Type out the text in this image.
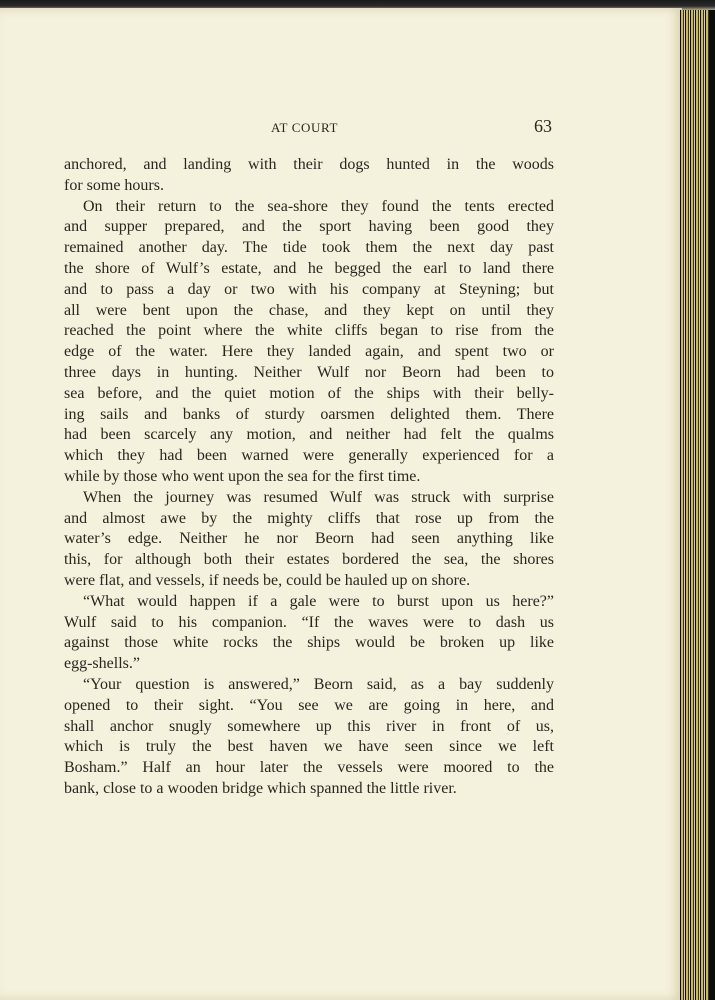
AT COURT	63
anchored, and landing with their dogs hunted in the woods
for some hours.
On their return to the sea-shore they found the tents erected
and supper prepared, and the sport having been good they
remained another day. The tide took them the next day past
the shore of Wulf’s estate, and he begged the earl to land there
and to pass a day or two with his company at Steyning; but
all were bent upon the chase, and they kept on until they
reached the point where the white cliffs began to rise from the
edge of the water. Here they landed again, and spent two or
three days in hunting. Neither Wulf nor Beorn had been to
sea before, and the quiet motion of the ships with their belly-
ing sails and banks of sturdy oarsmen delighted them. There
had been scarcely any motion, and neither had felt the qualms
which they had been warned were generally experienced for a
while by those who went upon the sea for the first time.
When the journey was resumed Wulf was struck with surprise
and almost awe by the mighty cliffs that rose up from the
water’s edge. Neither he nor Beorn had seen anything like
this, for although both their estates bordered the sea, the shores
were flat, and vessels, if needs be, could be hauled up on shore.
“What would happen if a gale were to burst upon us here?”
Wulf said to his companion. “If the waves were to dash us
against those white rocks the ships would be broken up like
egg-shells.”
“Your question is answered,” Beorn said, as a bay suddenly
opened to their sight. “You see we are going in here, and
shall anchor snugly somewhere up this river in front of us,
which is truly the best haven we have seen since we left
Bosham.” Half an hour later the vessels were moored to the
bank, close to a wooden bridge which spanned the little river.
